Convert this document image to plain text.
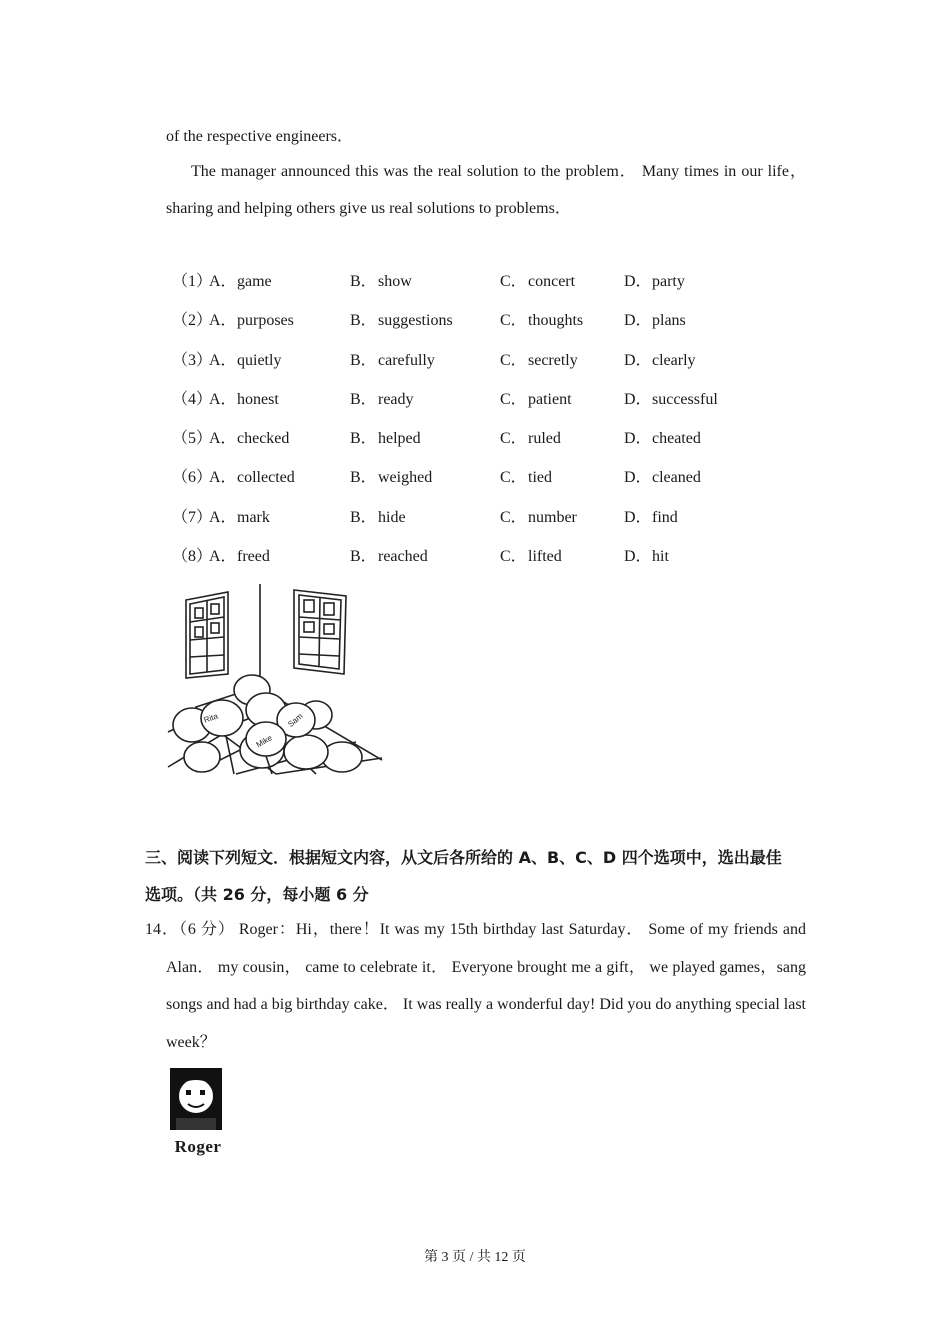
of the respective engineers．
The manager announced this was the real solution to the problem． Many times in our life，sharing and helping others give us real solutions to problems．
（1）
A．game	B．show	C．concert	D．party
（2）
A．purposes	B．suggestions	C．thoughts	D．plans
（3）
A．quietly	B．carefully	C．secretly	D．clearly
（4）
A．honest	B．ready	C．patient	D．successful
（5）
A．checked	B．helped	C．ruled	D．cheated
（6）
A．collected	B．weighed	C．tied	D．cleaned
（7）
A．mark	B．hide	C．number	D．find
（8）
A．freed	B．reached	C．lifted	D．hit
Rita
Mike
Sam
三、阅读下列短文．根据短文内容，从文后各所给的 A、B、C、D 四个选项中，选出最佳
选项。（共 26 分，每小题 6 分
14．（6 分） Roger：Hi，there！It was my 15th birthday last Saturday． Some of my friends and Alan． my cousin， came to celebrate it． Everyone brought me a gift， we played games，sang songs and had a big birthday cake． It was really a wonderful day! Did you do anything special last week？
Roger
第 3 页 / 共 12 页
